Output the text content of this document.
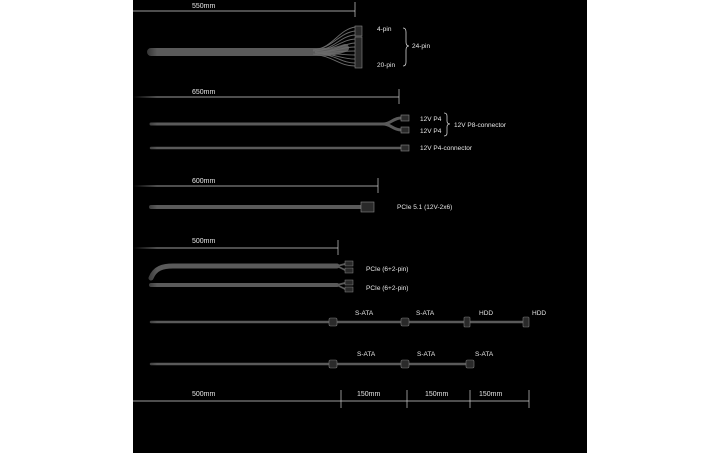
550mm
4-pin
20-pin
24-pin
650mm
12V P4
12V P4
12V P8-connector
12V P4-connector
600mm
PCIe 5.1 (12V-2x6)
500mm
PCIe (6+2-pin)
PCIe (6+2-pin)
S-ATA	S-ATA	HDD	HDD
S-ATA	S-ATA	S-ATA
500mm	150mm	150mm	150mm
